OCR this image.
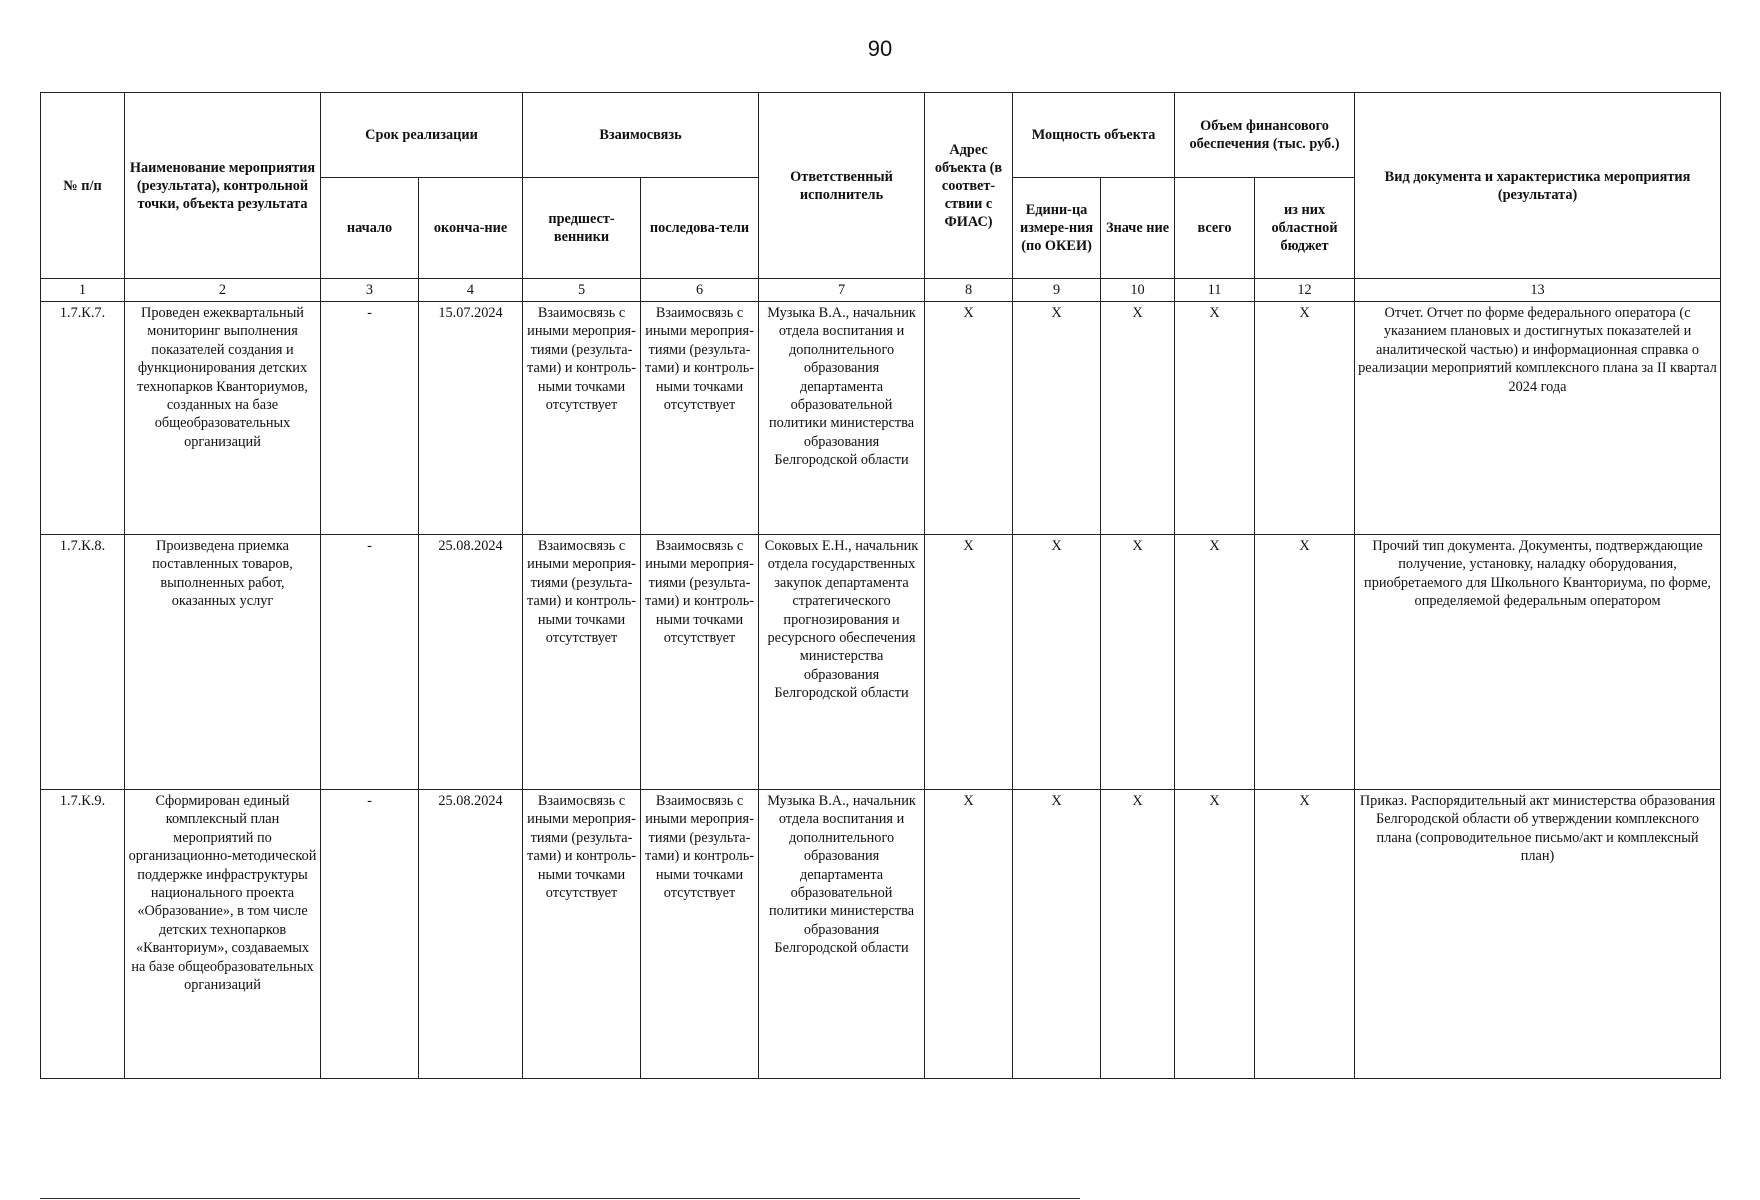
90
№ п/п	Наименование мероприятия (результата), контрольной точки, объекта результата	Срок реализации		Взаимосвязь		Ответственный исполнитель	Адрес объекта (в соответ-ствии с ФИАС)	Мощность объекта		Объем финансового обеспечения (тыс. руб.)		Вид документа и характеристика мероприятия (результата)
		начало	оконча-ние	предшест-венники	последова-тели			Едини-ца измере-ния (по ОКЕИ)	Значе ние	всего	из них областной бюджет	
1	2	3	4	5	6	7	8	9	10	11	12	13
1.7.К.7.	Проведен ежеквартальный мониторинг выполнения показателей создания и функционирования детских технопарков Кванториумов, созданных на базе общеобразовательных организаций	-	15.07.2024	Взаимосвязь с иными мероприя-тиями (результа-тами) и контроль-ными точками отсутствует	Взаимосвязь с иными мероприя-тиями (результа-тами) и контроль-ными точками отсутствует	Музыка В.А., начальник отдела воспитания и дополнительного образования департамента образовательной политики министерства образования Белгородской области	X	X	X	X	X	Отчет. Отчет по форме федерального оператора (с указанием плановых и достигнутых показателей и аналитической частью) и информационная справка о реализации мероприятий комплексного плана за II квартал 2024 года
1.7.К.8.	Произведена приемка поставленных товаров, выполненных работ, оказанных услуг	-	25.08.2024	Взаимосвязь с иными мероприя-тиями (результа-тами) и контроль-ными точками отсутствует	Взаимосвязь с иными мероприя-тиями (результа-тами) и контроль-ными точками отсутствует	Соковых Е.Н., начальник отдела государственных закупок департамента стратегического прогнозирования и ресурсного обеспечения министерства образования Белгородской области	X	X	X	X	X	Прочий тип документа. Документы, подтверждающие получение, установку, наладку оборудования, приобретаемого для Школьного Кванториума, по форме, определяемой федеральным оператором
1.7.К.9.	Сформирован единый комплексный план мероприятий по организационно-методической поддержке инфраструктуры национального проекта «Образование», в том числе детских технопарков «Кванториум», создаваемых на базе общеобразовательных организаций	-	25.08.2024	Взаимосвязь с иными мероприя-тиями (результа-тами) и контроль-ными точками отсутствует	Взаимосвязь с иными мероприя-тиями (результа-тами) и контроль-ными точками отсутствует	Музыка В.А., начальник отдела воспитания и дополнительного образования департамента образовательной политики министерства образования Белгородской области	X	X	X	X	X	Приказ. Распорядительный акт министерства образования Белгородской области об утверждении комплексного плана (сопроводительное письмо/акт и комплексный план)
